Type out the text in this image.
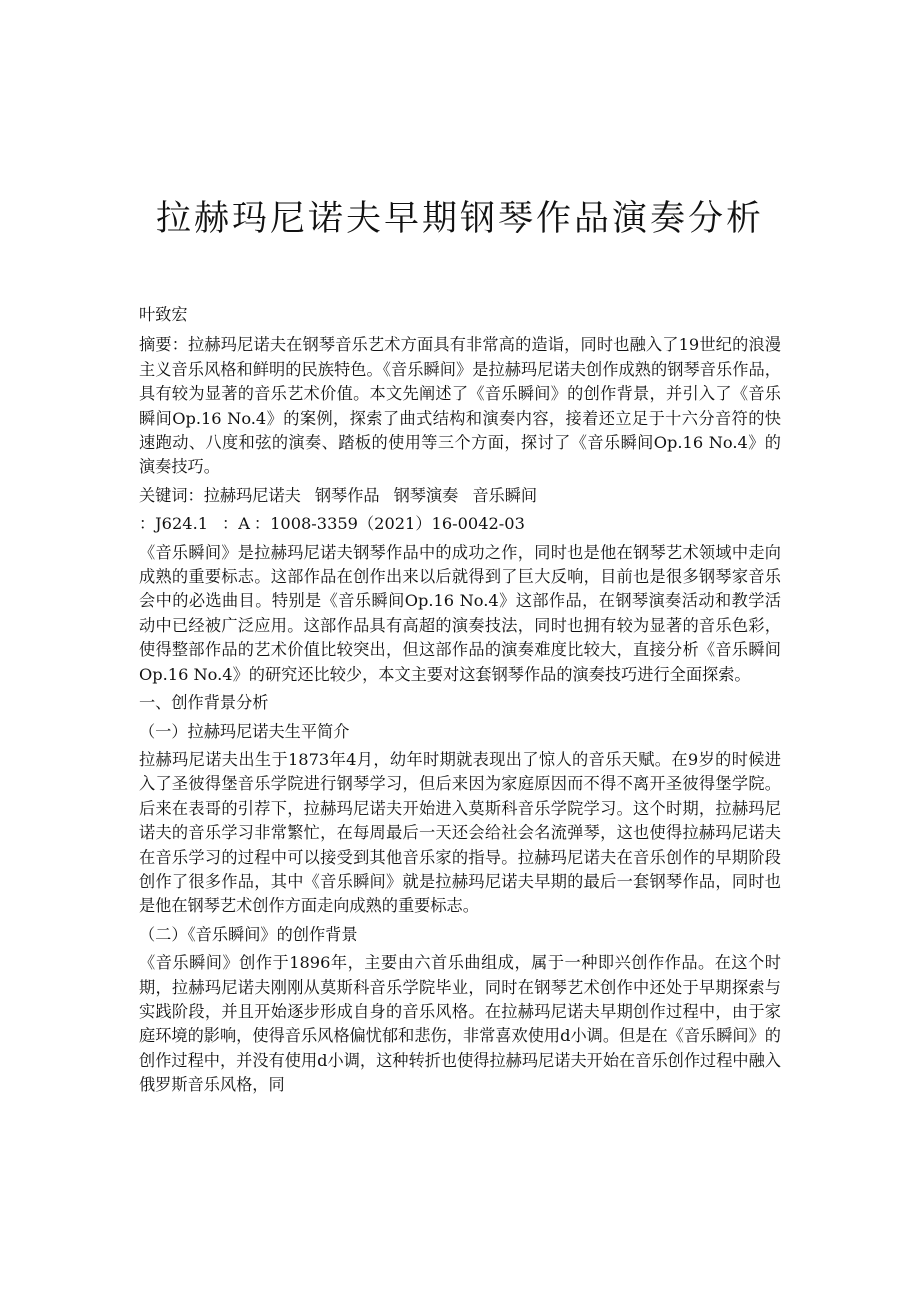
拉赫玛尼诺夫早期钢琴作品演奏分析

叶致宏

摘要：拉赫玛尼诺夫在钢琴音乐艺术方面具有非常高的造诣，同时也融入了19世纪的浪漫主义音乐风格和鲜明的民族特色。《音乐瞬间》是拉赫玛尼诺夫创作成熟的钢琴音乐作品，具有较为显著的音乐艺术价值。本文先阐述了《音乐瞬间》的创作背景，并引入了《音乐瞬间Op.16 No.4》的案例，探索了曲式结构和演奏内容，接着还立足于十六分音符的快速跑动、八度和弦的演奏、踏板的使用等三个方面，探讨了《音乐瞬间Op.16 No.4》的演奏技巧。

关键词：拉赫玛尼诺夫 钢琴作品 钢琴演奏 音乐瞬间

：J624.1 ：A ：1008-3359（2021）16-0042-03

《音乐瞬间》是拉赫玛尼诺夫钢琴作品中的成功之作，同时也是他在钢琴艺术领域中走向成熟的重要标志。这部作品在创作出来以后就得到了巨大反响，目前也是很多钢琴家音乐会中的必选曲目。特别是《音乐瞬间Op.16 No.4》这部作品，在钢琴演奏活动和教学活动中已经被广泛应用。这部作品具有高超的演奏技法，同时也拥有较为显著的音乐色彩，使得整部作品的艺术价值比较突出，但这部作品的演奏难度比较大，直接分析《音乐瞬间Op.16 No.4》的研究还比较少，本文主要对这套钢琴作品的演奏技巧进行全面探索。

一、创作背景分析

（一）拉赫玛尼诺夫生平简介

拉赫玛尼诺夫出生于1873年4月，幼年时期就表现出了惊人的音乐天赋。在9岁的时候进入了圣彼得堡音乐学院进行钢琴学习，但后来因为家庭原因而不得不离开圣彼得堡学院。后来在表哥的引荐下，拉赫玛尼诺夫开始进入莫斯科音乐学院学习。这个时期，拉赫玛尼诺夫的音乐学习非常繁忙，在每周最后一天还会给社会名流弹琴，这也使得拉赫玛尼诺夫在音乐学习的过程中可以接受到其他音乐家的指导。拉赫玛尼诺夫在音乐创作的早期阶段创作了很多作品，其中《音乐瞬间》就是拉赫玛尼诺夫早期的最后一套钢琴作品，同时也是他在钢琴艺术创作方面走向成熟的重要标志。

（二）《音乐瞬间》的创作背景

《音乐瞬间》创作于1896年，主要由六首乐曲组成，属于一种即兴创作作品。在这个时期，拉赫玛尼诺夫刚刚从莫斯科音乐学院毕业，同时在钢琴艺术创作中还处于早期探索与实践阶段，并且开始逐步形成自身的音乐风格。在拉赫玛尼诺夫早期创作过程中，由于家庭环境的影响，使得音乐风格偏忧郁和悲伤，非常喜欢使用d小调。但是在《音乐瞬间》的创作过程中，并没有使用d小调，这种转折也使得拉赫玛尼诺夫开始在音乐创作过程中融入俄罗斯音乐风格，同
